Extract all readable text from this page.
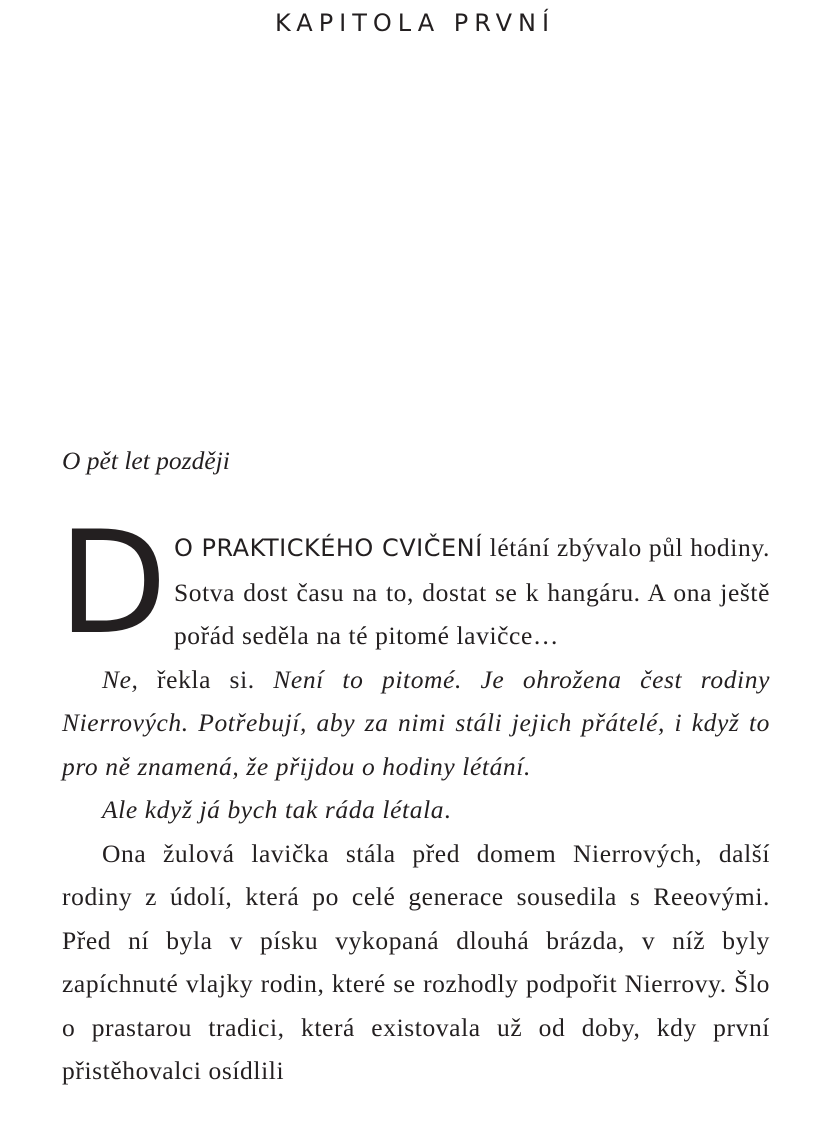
KAPITOLA PRVNÍ
O pět let později

D O PRAKTICKÉHO CVIČENÍ létání zbývalo půl hodiny. Sotva dost času na to, dostat se k hangáru. A ona ještě pořád seděla na té pitomé lavičce…

Ne, řekla si. Není to pitomé. Je ohrožena čest rodiny Nierrových. Potřebují, aby za nimi stáli jejich přátelé, i když to pro ně znamená, že přijdou o hodiny létání.

Ale když já bych tak ráda létala.

Ona žulová lavička stála před domem Nierrových, další rodiny z údolí, která po celé generace sousedila s Reeovými. Před ní byla v písku vykopaná dlouhá brázda, v níž byly zapíchnuté vlajky rodin, které se rozhodly podpořit Nierrovy. Šlo o prastarou tradici, která existovala už od doby, kdy první přistěhovalci osídlili
